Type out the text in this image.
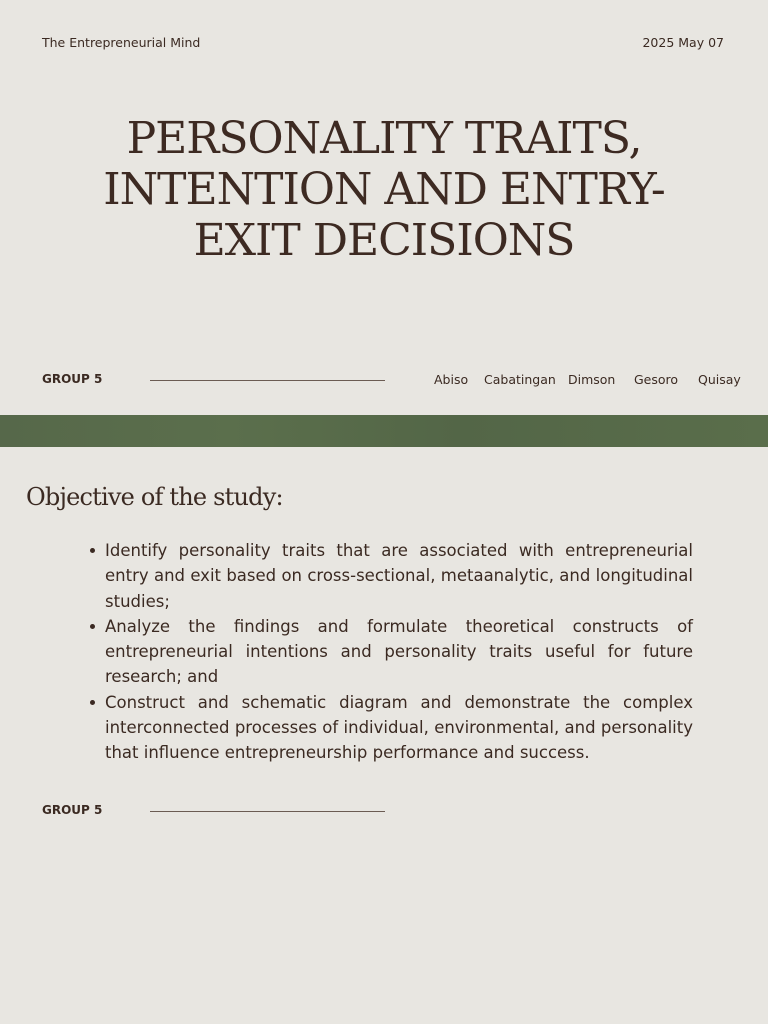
The Entrepreneurial Mind	2025 May 07
PERSONALITY TRAITS, INTENTION AND ENTRY-EXIT DECISIONS
GROUP 5	Abiso Cabatingan Dimson Gesoro Quisay
Objective of the study:
Identify personality traits that are associated with entrepreneurial entry and exit based on cross-sectional, metaanalytic, and longitudinal studies;
Analyze the findings and formulate theoretical constructs of entrepreneurial intentions and personality traits useful for future research; and
Construct and schematic diagram and demonstrate the complex interconnected processes of individual, environmental, and personality that influence entrepreneurship performance and success.
GROUP 5
